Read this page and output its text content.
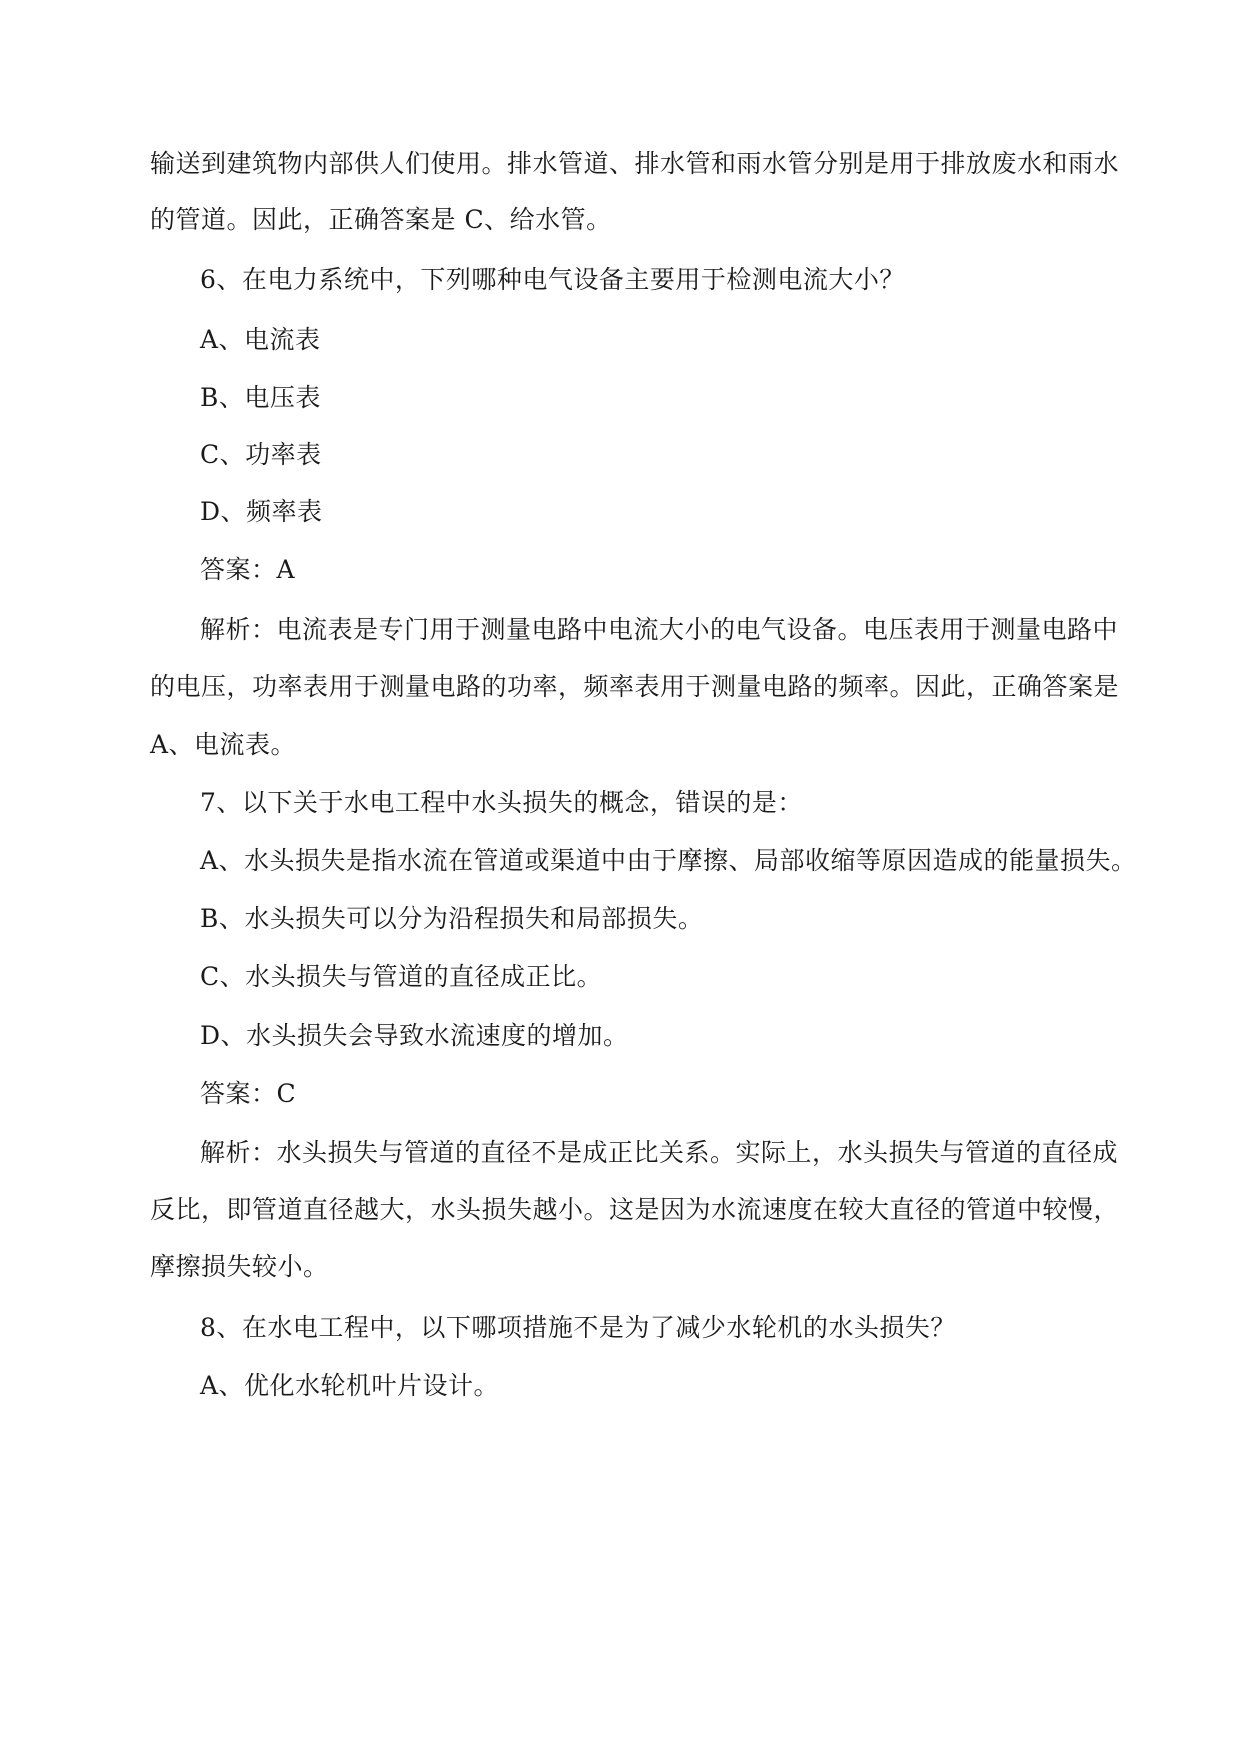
输送到建筑物内部供人们使用。排水管道、排水管和雨水管分别是用于排放废水和雨水
的管道。因此，正确答案是 C、给水管。
6、在电力系统中，下列哪种电气设备主要用于检测电流大小？
A、电流表
B、电压表
C、功率表
D、频率表
答案：A
解析：电流表是专门用于测量电路中电流大小的电气设备。电压表用于测量电路中
的电压，功率表用于测量电路的功率，频率表用于测量电路的频率。因此，正确答案是
A、电流表。
7、以下关于水电工程中水头损失的概念，错误的是：
A、水头损失是指水流在管道或渠道中由于摩擦、局部收缩等原因造成的能量损失。
B、水头损失可以分为沿程损失和局部损失。
C、水头损失与管道的直径成正比。
D、水头损失会导致水流速度的增加。
答案：C
解析：水头损失与管道的直径不是成正比关系。实际上，水头损失与管道的直径成
反比，即管道直径越大，水头损失越小。这是因为水流速度在较大直径的管道中较慢，
摩擦损失较小。
8、在水电工程中，以下哪项措施不是为了减少水轮机的水头损失？
A、优化水轮机叶片设计。
